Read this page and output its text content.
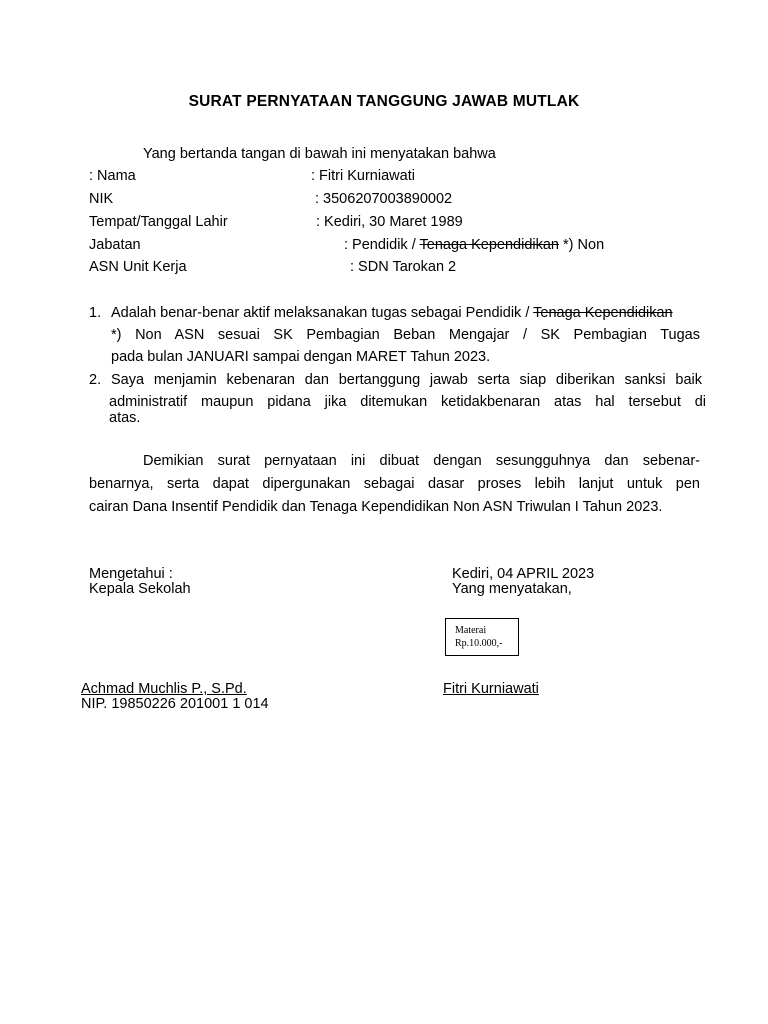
SURAT PERNYATAAN TANGGUNG JAWAB MUTLAK
Yang bertanda tangan di bawah ini menyatakan bahwa
: Nama	: Fitri Kurniawati
NIK	: 3506207003890002
Tempat/Tanggal Lahir	: Kediri, 30 Maret 1989
Jabatan	: Pendidik / Tenaga Kependidikan *) Non
ASN Unit Kerja	: SDN Tarokan 2
1. Adalah benar-benar aktif melaksanakan tugas sebagai Pendidik / Tenaga Kependidikan
*) Non ASN sesuai SK Pembagian Beban Mengajar / SK Pembagian Tugas
pada bulan JANUARI sampai dengan MARET Tahun 2023.
2. Saya menjamin kebenaran dan bertanggung jawab serta siap diberikan sanksi baik
administratif maupun pidana jika ditemukan ketidakbenaran atas hal tersebut di
atas.
Demikian surat pernyataan ini dibuat dengan sesungguhnya dan sebenar-
benarnya, serta dapat dipergunakan sebagai dasar proses lebih lanjut untuk pen
cairan Dana Insentif Pendidik dan Tenaga Kependidikan Non ASN Triwulan I Tahun 2023.
Mengetahui :
Kepala Sekolah
Kediri, 04 APRIL 2023
Yang menyatakan,
Materai
Rp.10.000,-
Achmad Muchlis P., S.Pd.
NIP. 19850226 201001 1 014
Fitri Kurniawati
